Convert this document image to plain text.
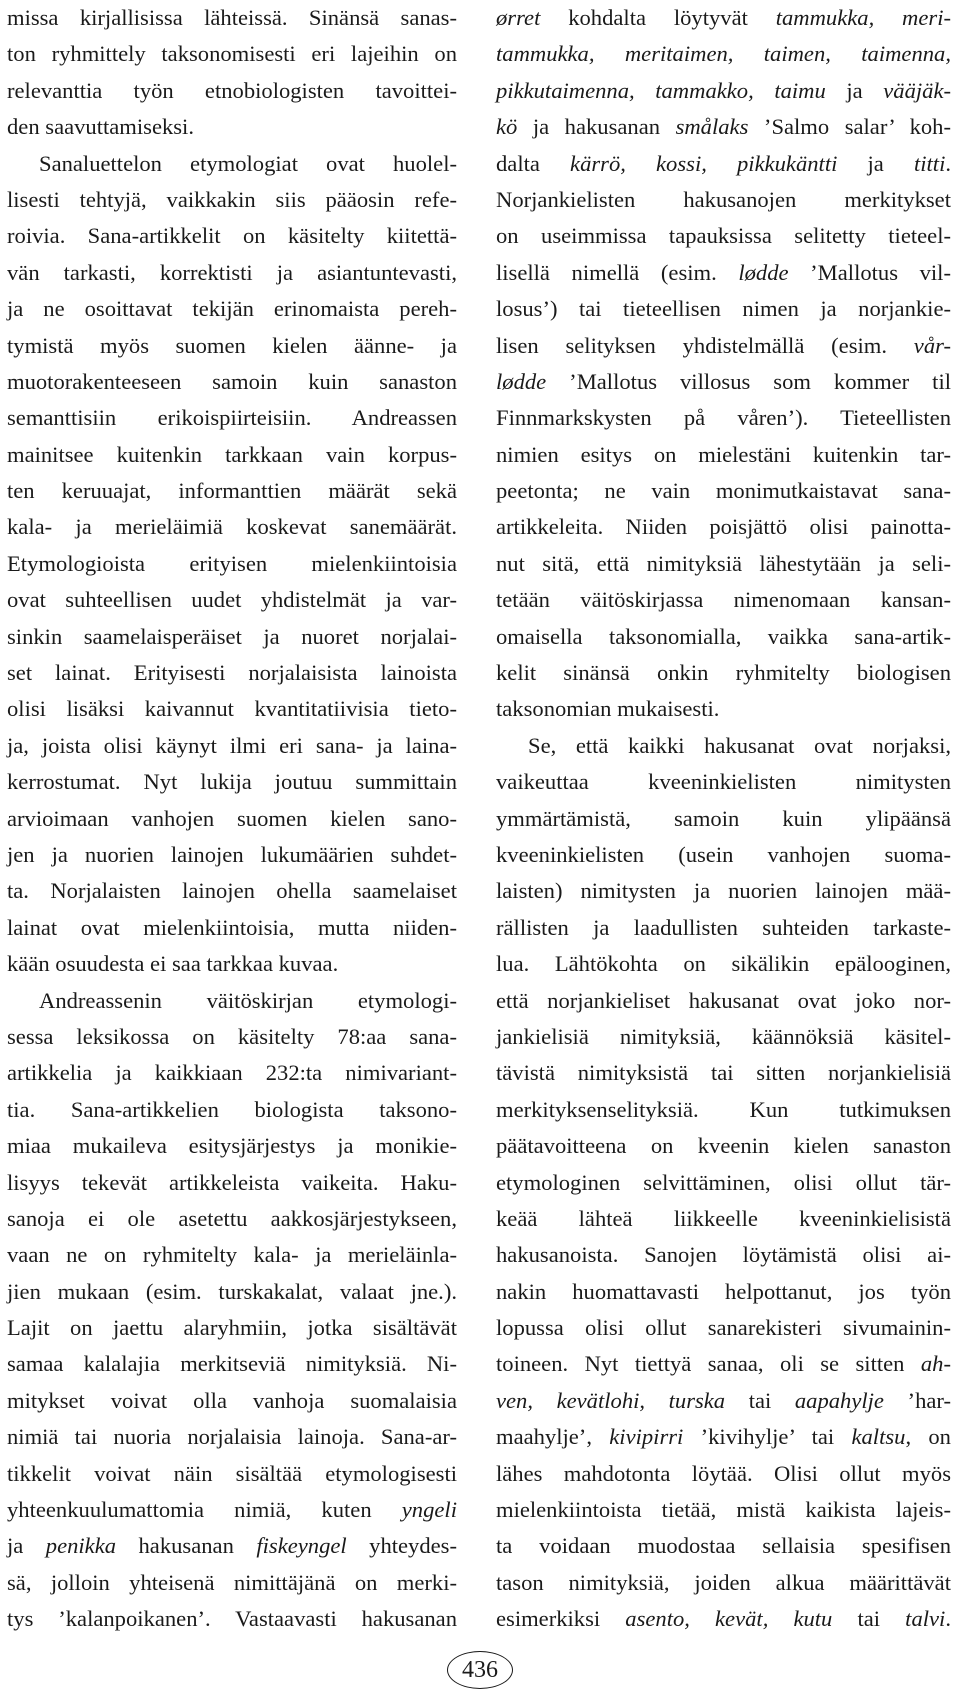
missa kirjallisissa lähteissä. Sinänsä sanas-
ton ryhmittely taksonomisesti eri lajeihin on
relevanttia työn etnobiologisten tavoittei-
den saavuttamiseksi.
Sanaluettelon etymologiat ovat huolel-
lisesti tehtyjä, vaikkakin siis pääosin refe-
roivia. Sana-artikkelit on käsitelty kiitettä-
vän tarkasti, korrektisti ja asiantuntevasti,
ja ne osoittavat tekijän erinomaista pereh-
tymistä myös suomen kielen äänne- ja
muotorakenteeseen samoin kuin sanaston
semanttisiin erikoispiirteisiin. Andreassen
mainitsee kuitenkin tarkkaan vain korpus-
ten keruuajat, informanttien määrät sekä
kala- ja merieläimiä koskevat sanemäärät.
Etymologioista erityisen mielenkiintoisia
ovat suhteellisen uudet yhdistelmät ja var-
sinkin saamelaisperäiset ja nuoret norjalai-
set lainat. Erityisesti norjalaisista lainoista
olisi lisäksi kaivannut kvantitatiivisia tieto-
ja, joista olisi käynyt ilmi eri sana- ja laina-
kerrostumat. Nyt lukija joutuu summittain
arvioimaan vanhojen suomen kielen sano-
jen ja nuorien lainojen lukumäärien suhdet-
ta. Norjalaisten lainojen ohella saamelaiset
lainat ovat mielenkiintoisia, mutta niiden-
kään osuudesta ei saa tarkkaa kuvaa.
Andreassenin väitöskirjan etymologi-
sessa leksikossa on käsitelty 78:aa sana-
artikkelia ja kaikkiaan 232:ta nimivariant-
tia. Sana-artikkelien biologista taksono-
miaa mukaileva esitysjärjestys ja monikie-
lisyys tekevät artikkeleista vaikeita. Haku-
sanoja ei ole asetettu aakkosjärjestykseen,
vaan ne on ryhmitelty kala- ja merieläinla-
jien mukaan (esim. turskakalat, valaat jne.).
Lajit on jaettu alaryhmiin, jotka sisältävät
samaa kalalajia merkitseviä nimityksiä. Ni-
mitykset voivat olla vanhoja suomalaisia
nimiä tai nuoria norjalaisia lainoja. Sana-ar-
tikkelit voivat näin sisältää etymologisesti
yhteenkuulumattomia nimiä, kuten yngeli
ja penikka hakusanan fiskeyngel yhteydes-
sä, jolloin yhteisenä nimittäjänä on merki-
tys ’kalanpoikanen’. Vastaavasti hakusanan
ørret kohdalta löytyvät tammukka, meri-
tammukka, meritaimen, taimen, taimenna,
pikkutaimenna, tammakko, taimu ja vääjäk-
kö ja hakusanan smålaks ’Salmo salar’ koh-
dalta kärrö, kossi, pikkukäntti ja titti.
Norjankielisten hakusanojen merkitykset
on useimmissa tapauksissa selitetty tieteel-
lisellä nimellä (esim. lødde ’Mallotus vil-
losus’) tai tieteellisen nimen ja norjankie-
lisen selityksen yhdistelmällä (esim. vår-
lødde ’Mallotus villosus som kommer til
Finnmarkskysten på våren’). Tieteellisten
nimien esitys on mielestäni kuitenkin tar-
peetonta; ne vain monimutkaistavat sana-
artikkeleita. Niiden poisjättö olisi painotta-
nut sitä, että nimityksiä lähestytään ja seli-
tetään väitöskirjassa nimenomaan kansan-
omaisella taksonomialla, vaikka sana-artik-
kelit sinänsä onkin ryhmitelty biologisen
taksonomian mukaisesti.
Se, että kaikki hakusanat ovat norjaksi,
vaikeuttaa kveeninkielisten nimitysten
ymmärtämistä, samoin kuin ylipäänsä
kveeninkielisten (usein vanhojen suoma-
laisten) nimitysten ja nuorien lainojen mää-
rällisten ja laadullisten suhteiden tarkaste-
lua. Lähtökohta on sikälikin epälooginen,
että norjankieliset hakusanat ovat joko nor-
jankielisiä nimityksiä, käännöksiä käsitel-
tävistä nimityksistä tai sitten norjankielisiä
merkityksenselityksiä. Kun tutkimuksen
päätavoitteena on kveenin kielen sanaston
etymologinen selvittäminen, olisi ollut tär-
keää lähteä liikkeelle kveeninkielisistä
hakusanoista. Sanojen löytämistä olisi ai-
nakin huomattavasti helpottanut, jos työn
lopussa olisi ollut sanarekisteri sivumainin-
toineen. Nyt tiettyä sanaa, oli se sitten ah-
ven, kevätlohi, turska tai aapahylje ’har-
maahylje’, kivipirri ’kivihylje’ tai kaltsu, on
lähes mahdotonta löytää. Olisi ollut myös
mielenkiintoista tietää, mistä kaikista lajeis-
ta voidaan muodostaa sellaisia spesifisen
tason nimityksiä, joiden alkua määrittävät
esimerkiksi asento, kevät, kutu tai talvi.
436
